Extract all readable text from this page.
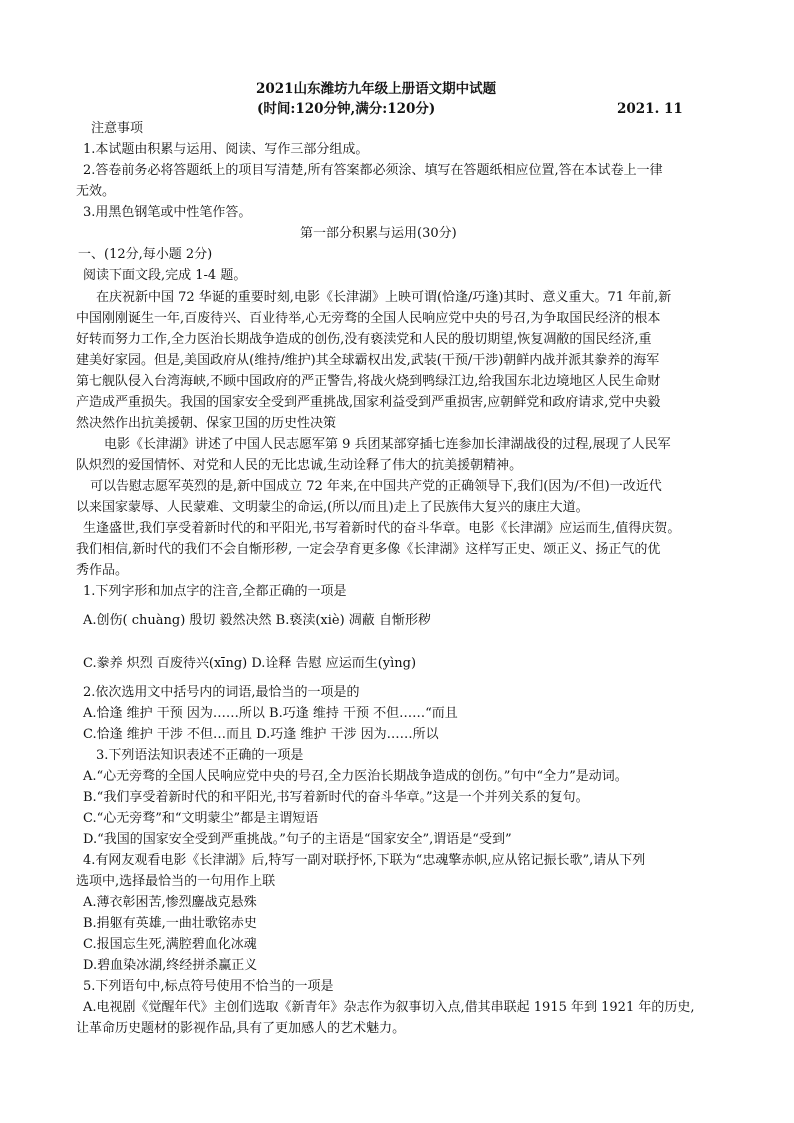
2021山东潍坊九年级上册语文期中试题
(时间:120分钟,满分:120分)	2021. 11
注意事项
1.本试题由积累与运用、阅读、写作三部分组成。
2.答卷前务必将答题纸上的项目写清楚,所有答案都必须涂、填写在答题纸相应位置,答在本试卷上一律
无效。
3.用黑色钢笔或中性笔作答。
第一部分积累与运用(30分)
一、(12分,每小题 2分)
阅读下面文段,完成 1-4 题。
在庆祝新中国 72 华诞的重要时刻,电影《长津湖》上映可谓(恰逢/巧逢)其时、意义重大。71 年前,新
中国刚刚诞生一年,百废待兴、百业待举,心无旁骛的全国人民响应党中央的号召,为争取国民经济的根本
好转而努力工作,全力医治长期战争造成的创伤,没有亵渎党和人民的殷切期望,恢复凋敝的国民经济,重
建美好家园。但是,美国政府从(维持/维护)其全球霸权出发,武装(干预/干涉)朝鲜内战并派其豢养的海军
第七舰队侵入台湾海峡,不顾中国政府的严正警告,将战火烧到鸭绿江边,给我国东北边境地区人民生命财
产造成严重损失。我国的国家安全受到严重挑战,国家利益受到严重损害,应朝鲜党和政府请求,党中央毅
然决然作出抗美援朝、保家卫国的历史性决策
电影《长津湖》讲述了中国人民志愿军第 9 兵团某部穿插七连参加长津湖战役的过程,展现了人民军
队炽烈的爱国情怀、对党和人民的无比忠诚,生动诠释了伟大的抗美援朝精神。
可以告慰志愿军英烈的是,新中国成立 72 年来,在中国共产党的正确领导下,我们(因为/不但)一改近代
以来国家蒙辱、人民蒙难、文明蒙尘的命运,(所以/而且)走上了民族伟大复兴的康庄大道。
生逢盛世,我们享受着新时代的和平阳光,书写着新时代的奋斗华章。电影《长津湖》应运而生,值得庆贺。
我们相信,新时代的我们不会自惭形秽, 一定会孕育更多像《长津湖》这样写正史、颂正义、扬正气的优
秀作品。
1.下列字形和加点字的注音,全都正确的一项是
A.创伤( chuàng) 殷切 毅然决然 B.亵渎(xiè) 凋蔽 自惭形秽
C.豢养 炽烈 百废待兴(xīng) D.诠释 告慰 应运而生(yìng)
2.依次选用文中括号内的词语,最恰当的一项是的
A.恰逢 维护 干预 因为……所以 B.巧逢 维持 干预 不但……“而且
C.恰逢 维护 干涉 不但…而且 D.巧逢 维护 干涉 因为……所以
3.下列语法知识表述不正确的一项是
A.“心无旁骛的全国人民响应党中央的号召,全力医治长期战争造成的创伤。”句中“全力”是动词。
B.“我们享受着新时代的和平阳光,书写着新时代的奋斗华章。”这是一个并列关系的复句。
C.“心无旁骛”和“文明蒙尘”都是主谓短语
D.“我国的国家安全受到严重挑战。”句子的主语是“国家安全”,谓语是“受到”
4.有网友观看电影《长津湖》后,特写一副对联抒怀,下联为“忠魂擎赤帜,应从铭记振长歌”,请从下列
选项中,选择最恰当的一句用作上联
A.薄衣彰困苦,惨烈鏖战克悬殊
B.捐躯有英雄,一曲壮歌铭赤史
C.报国忘生死,满腔碧血化冰魂
D.碧血染冰湖,终经拼杀赢正义
5.下列语句中,标点符号使用不恰当的一项是
A.电视剧《觉醒年代》主创们选取《新青年》杂志作为叙事切入点,借其串联起 1915 年到 1921 年的历史,
让革命历史题材的影视作品,具有了更加感人的艺术魅力。
